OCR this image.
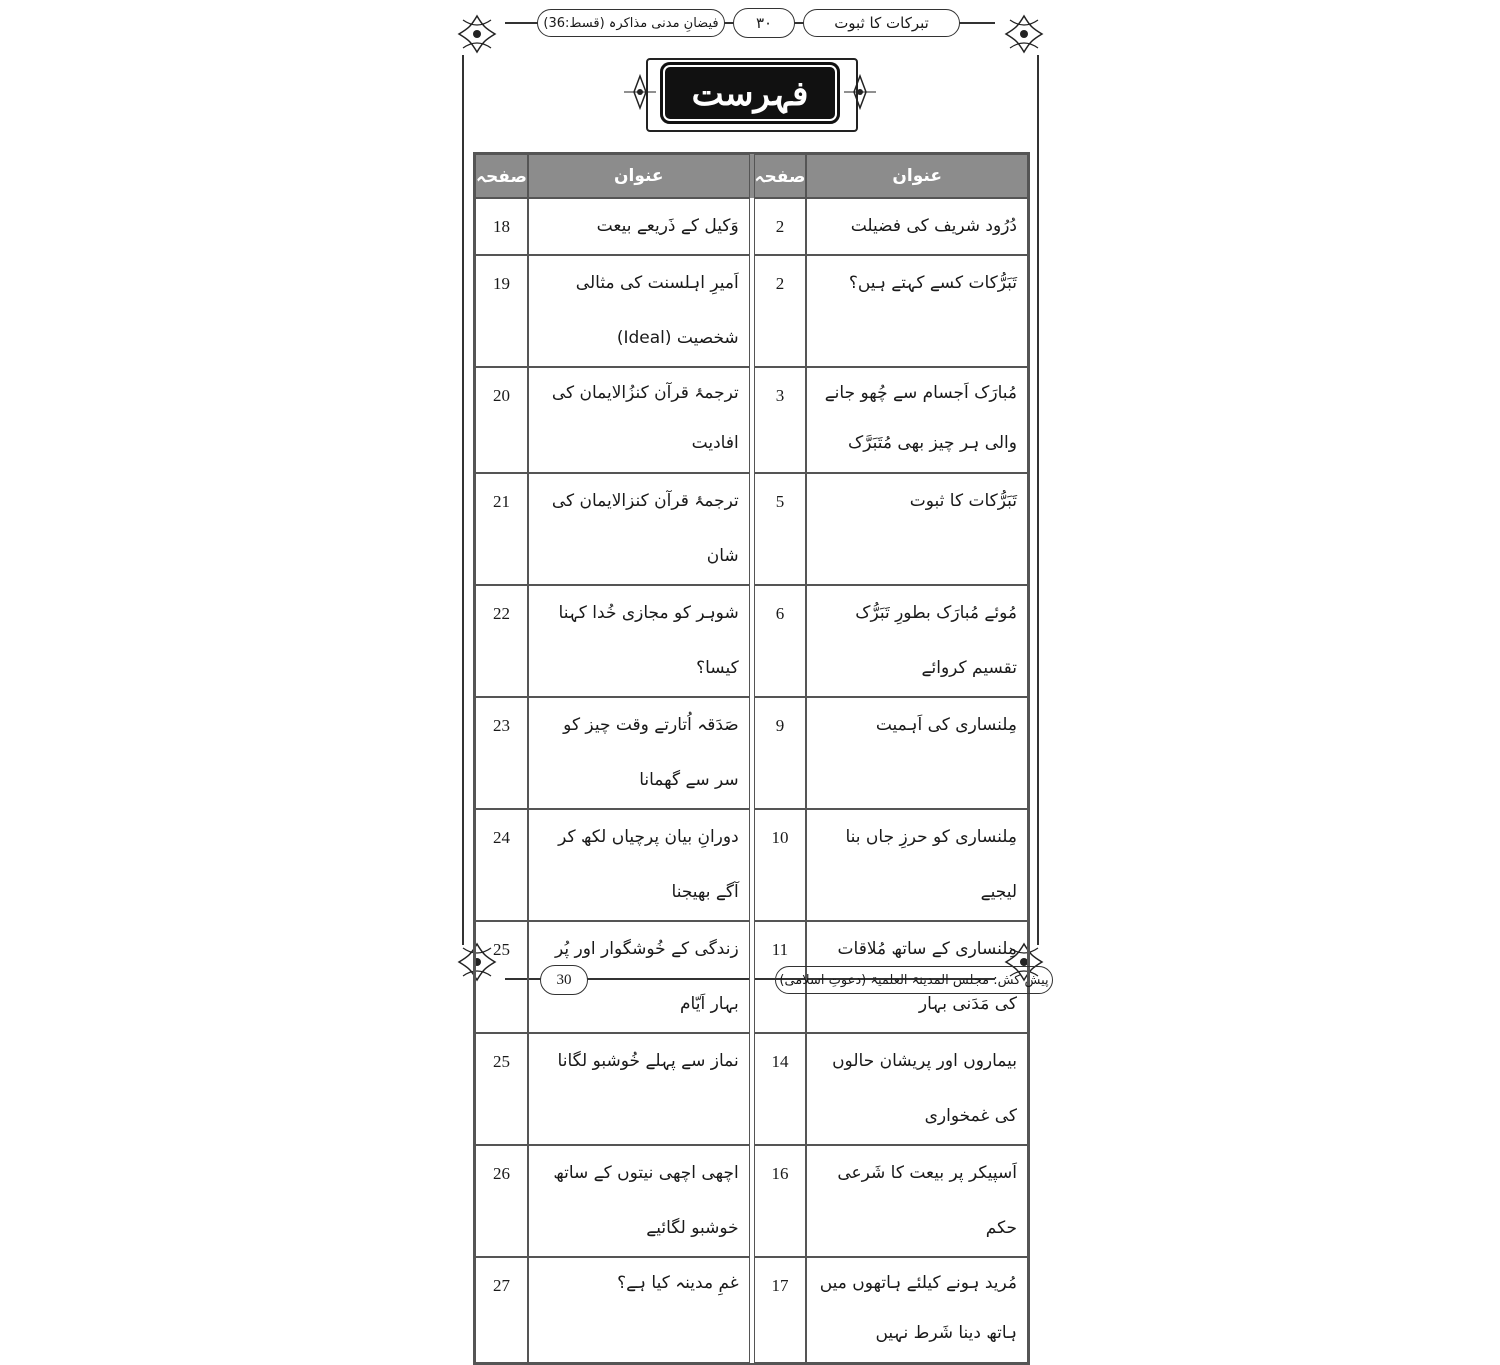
تبرکات کا ثبوت
۳۰
فیضانِ مدنی مذاکرہ (قسط:36)
فہرست
صفحہ	عنوان		صفحہ	عنوان
18	وَکیل کے ذَریعے بیعت		2	دُرُود شریف کی فضیلت
19	اَمیرِ اہلسنت کی مثالی شخصیت (Ideal)		2	تَبَرُّکات کسے کہتے ہیں؟
20	ترجمۂ قرآن کنزُالایمان کی افادیت		3	مُبارَک اَجسام سے چُھو جانے والی ہر چیز بھی مُتَبَرَّک
21	ترجمۂ قرآن کنزالایمان کی شان		5	تَبَرُّکات کا ثبوت
22	شوہر کو مجازی خُدا کہنا کیسا؟		6	مُوئے مُبارَک بطورِ تَبَرُّک تقسیم کروائے
23	صَدَقہ اُتارتے وقت چیز کو سر سے گھمانا		9	مِلنساری کی اَہمیت
24	دورانِ بیان پرچیاں لکھ کر آگے بھیجنا		10	مِلنساری کو حرزِ جاں بنا لیجیے
25	زندگی کے خُوشگوار اور پُر بہار اَیّام		11	مِلنساری کے ساتھ مُلاقات کی مَدَنی بہار
25	نماز سے پہلے خُوشبو لگانا		14	بیماروں اور پریشان حالوں کی غمخواری
26	اچھی اچھی نیتوں کے ساتھ خوشبو لگائیے		16	اَسپیکر پر بیعت کا شَرعی حکم
27	غمِ مدینہ کیا ہے؟		17	مُرید ہونے کیلئے ہاتھوں میں ہاتھ دینا شَرط نہیں
30	پیش کش: مجلس المدینۃ العلمیۃ (دعوتِ اسلامی)
